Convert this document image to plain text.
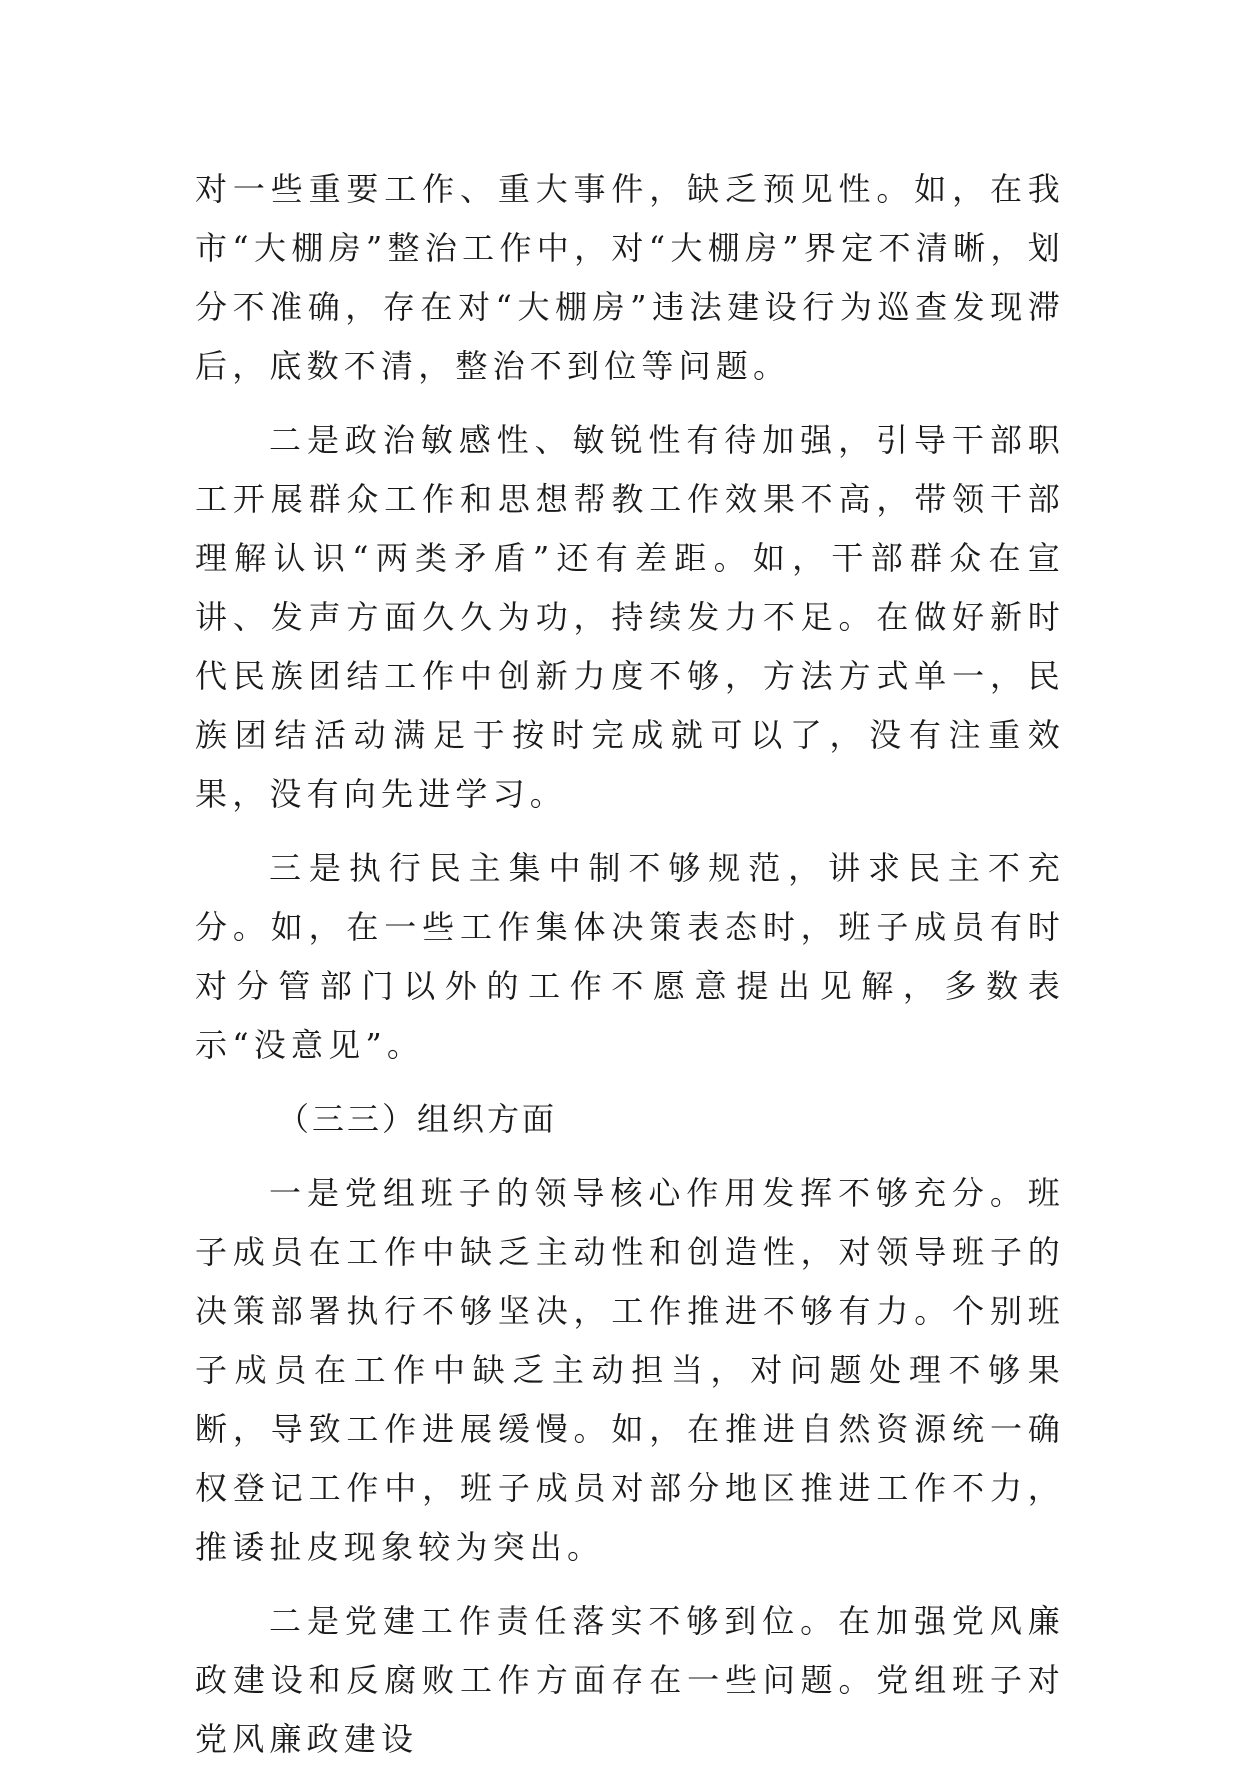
对一些重要工作、重大事件，缺乏预见性。如，在我市“大棚房”整治工作中，对“大棚房”界定不清晰，划分不准确，存在对“大棚房”违法建设行为巡查发现滞后，底数不清，整治不到位等问题。

二是政治敏感性、敏锐性有待加强，引导干部职工开展群众工作和思想帮教工作效果不高，带领干部理解认识“两类矛盾”还有差距。如，干部群众在宣讲、发声方面久久为功，持续发力不足。在做好新时代民族团结工作中创新力度不够，方法方式单一，民族团结活动满足于按时完成就可以了，没有注重效果，没有向先进学习。

三是执行民主集中制不够规范，讲求民主不充分。如，在一些工作集体决策表态时，班子成员有时对分管部门以外的工作不愿意提出见解，多数表示“没意见”。

（三三）组织方面

一是党组班子的领导核心作用发挥不够充分。班子成员在工作中缺乏主动性和创造性，对领导班子的决策部署执行不够坚决，工作推进不够有力。个别班子成员在工作中缺乏主动担当，对问题处理不够果断，导致工作进展缓慢。如，在推进自然资源统一确权登记工作中，班子成员对部分地区推进工作不力，推诿扯皮现象较为突出。

二是党建工作责任落实不够到位。在加强党风廉政建设和反腐败工作方面存在一些问题。党组班子对党风廉政建设
